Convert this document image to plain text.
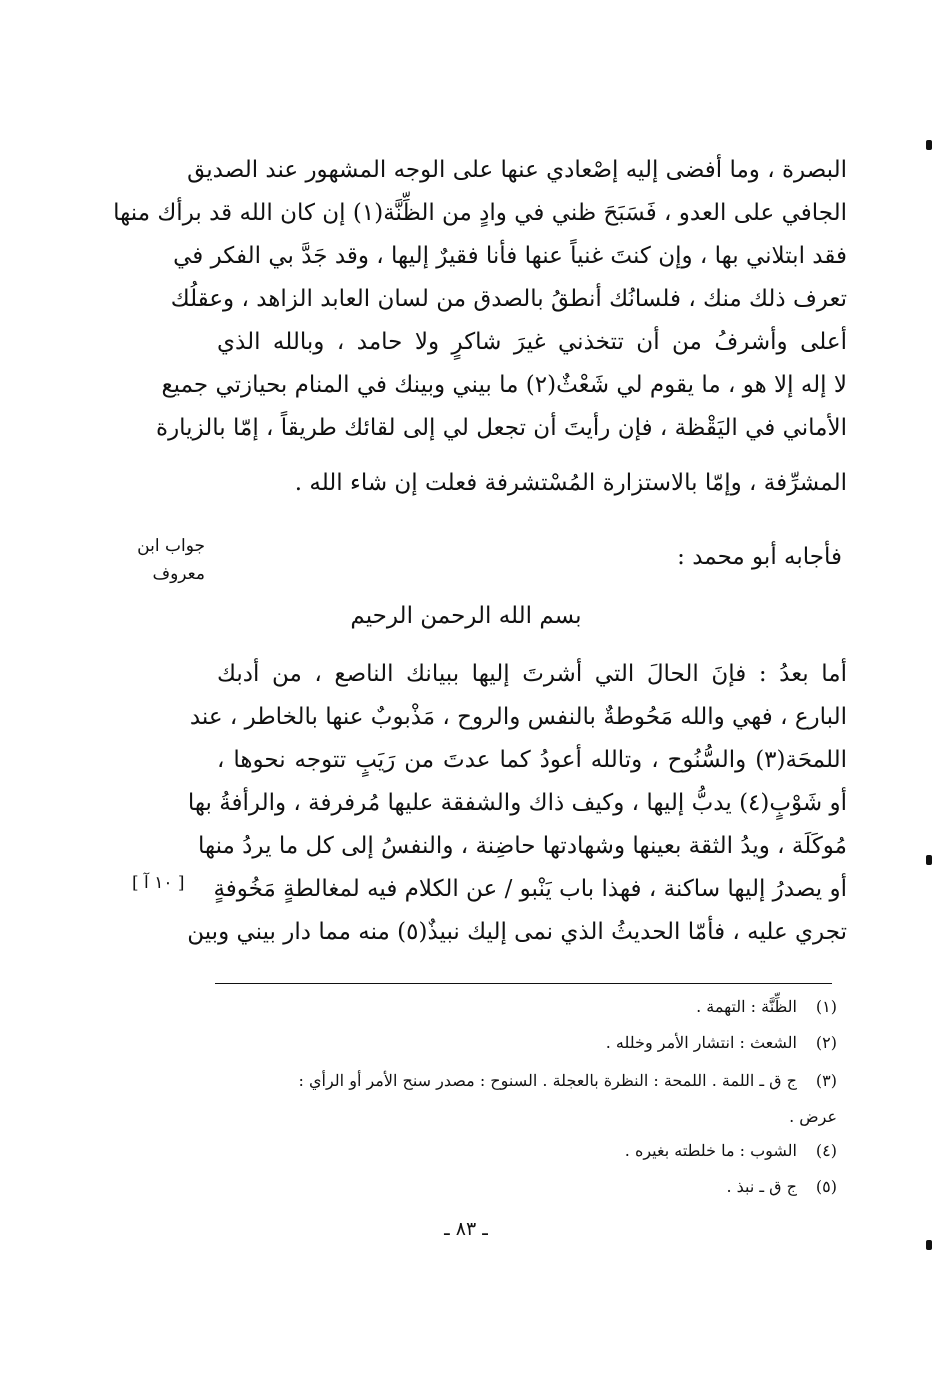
البصرة ، وما أفضى إليه إصْعادي عنها على الوجه المشهور عند الصديق
الجافي على العدو ، فَسَبَحَ ظني في وادٍ من الظِّنَّة(١) إن كان الله قد برأك منها
فقد ابتلاني بها ، وإن كنتَ غنياً عنها فأنا فقيرٌ إليها ، وقد جَدَّ بي الفكر في
تعرف ذلك منك ، فلسانُك أنطقُ بالصدق من لسان العابد الزاهد ، وعقلُك
أعلى وأشرفُ من أن تتخذني غيرَ شاكرٍ ولا حامد ، وبالله الذي
لا إله إلا هو ، ما يقوم لي شَعْثٌ(٢) ما بيني وبينك في المنام بحيازتي جميع
الأماني في اليَقْظة ، فإن رأيتَ أن تجعل لي إلى لقائك طريقاً ، إمّا بالزيارة
المشرِّفة ، وإمّا بالاستزارة المُسْتشرفة فعلت إن شاء الله .
فأجابه أبو محمد :
جواب ابن
معروف
بسم الله الرحمن الرحيم
أما بعدُ : فإنَ الحالَ التي أشرتَ إليها ببيانك الناصع ، من أدبك
البارع ، فهي والله مَحُوطةٌ بالنفس والروح ، مَذْبوبٌ عنها بالخاطر ، عند
اللمحَة(٣) والسُّنُوح ، وتالله أعودُ كما عدتَ من رَيَبٍ تتوجه نحوها ،
أو شَوْبٍ(٤) يدبُّ إليها ، وكيف ذاك والشفقة عليها مُرفرفة ، والرأفةُ بها
مُوكَلَة ، ويدُ الثقة بعينها وشهادتها حاضِنة ، والنفسُ إلى كل ما يردُ منها
أو يصدرُ إليها ساكنة ، فهذا باب يَنْبو / عن الكلام فيه لمغالطةٍ مَخُوفةٍ
تجري عليه ، فأمّا الحديثُ الذي نمى إليك نبيذٌ(٥) منه مما دار بيني وبين
[ ١٠ آ ]
(١)الظِّنَّة : التهمة .
(٢)الشعث : انتشار الأمر وخلله .
(٣)ج ق ـ اللمة . اللمحة : النظرة بالعجلة . السنوح : مصدر سنح الأمر أو الرأي :
عرض .
(٤)الشوب : ما خلطته بغيره .
(٥)ج ق ـ نبذ .
ـ ٨٣ ـ
